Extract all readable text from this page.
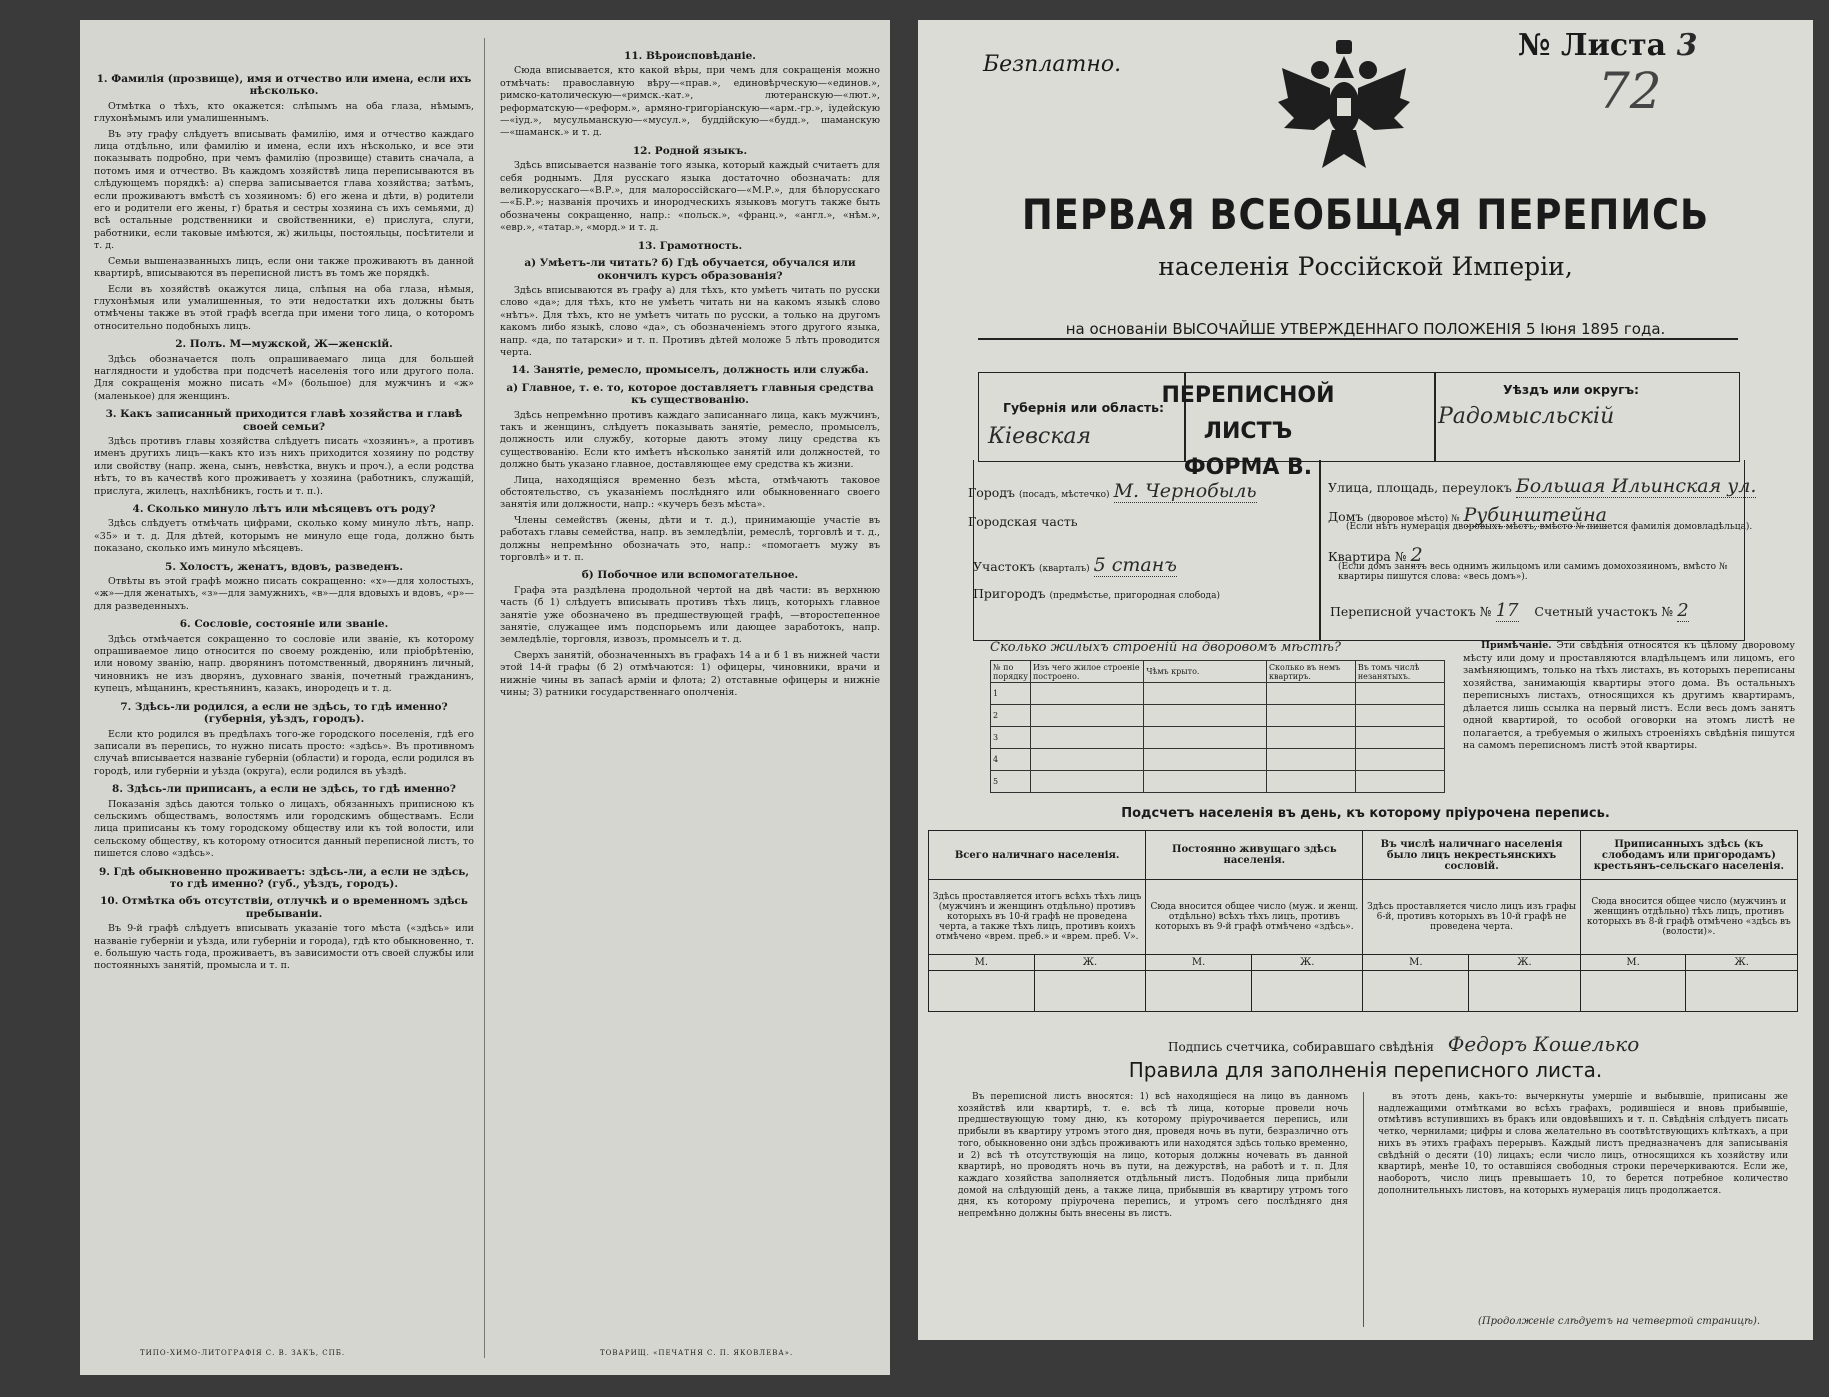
1. Фамилія (прозвище), имя и отчество или имена, если ихъ нѣсколько.

Отмѣтка о тѣхъ, кто окажется: слѣпымъ на оба глаза, нѣмымъ, глухонѣмымъ или умалишеннымъ.

Въ эту графу слѣдуетъ вписывать фамилію, имя и отчество каждаго лица отдѣльно, или фамилію и имена, если ихъ нѣсколько, и все эти показывать подробно, при чемъ фамилію (прозвище) ставить сначала, а потомъ имя и отчество. Въ каждомъ хозяйствѣ лица переписываются въ слѣдующемъ порядкѣ: а) сперва записывается глава хозяйства; затѣмъ, если проживаютъ вмѣстѣ съ хозяиномъ: б) его жена и дѣти, в) родители его и родители его жены, г) братья и сестры хозяина съ ихъ семьями, д) всѣ остальные родственники и свойственники, е) прислуга, слуги, работники, если таковые имѣются, ж) жильцы, постояльцы, посѣтители и т. д.

Семьи вышеназванныхъ лицъ, если они также проживаютъ въ данной квартирѣ, вписываются въ переписной листъ въ томъ же порядкѣ.

Если въ хозяйствѣ окажутся лица, слѣпыя на оба глаза, нѣмыя, глухонѣмыя или умалишенныя, то эти недостатки ихъ должны быть отмѣчены также въ этой графѣ всегда при имени того лица, о которомъ относительно подобныхъ лицъ.

2. Полъ. М—мужской, Ж—женскій.

Здѣсь обозначается полъ опрашиваемаго лица для большей наглядности и удобства при подсчетѣ населенія того или другого пола. Для сокращенія можно писать «М» (большое) для мужчинъ и «ж» (маленькое) для женщинъ.

3. Какъ записанный приходится главѣ хозяйства и главѣ своей семьи?

Здѣсь противъ главы хозяйства слѣдуетъ писать «хозяинъ», а противъ именъ другихъ лицъ—какъ кто изъ нихъ приходится хозяину по родству или свойству (напр. жена, сынъ, невѣстка, внукъ и проч.), а если родства нѣтъ, то въ качествѣ кого проживаетъ у хозяина (работникъ, служащій, прислуга, жилецъ, нахлѣбникъ, гость и т. п.).

4. Сколько минуло лѣтъ или мѣсяцевъ отъ роду?

Здѣсь слѣдуетъ отмѣчать цифрами, сколько кому минуло лѣтъ, напр. «35» и т. д. Для дѣтей, которымъ не минуло еще года, должно быть показано, сколько имъ минуло мѣсяцевъ.

5. Холостъ, женатъ, вдовъ, разведенъ.

Отвѣты въ этой графѣ можно писать сокращенно: «х»—для холостыхъ, «ж»—для женатыхъ, «з»—для замужнихъ, «в»—для вдовыхъ и вдовъ, «р»—для разведенныхъ.

6. Сословіе, состояніе или званіе.

Здѣсь отмѣчается сокращенно то сословіе или званіе, къ которому опрашиваемое лицо относится по своему рожденію, или пріобрѣтенію, или новому званію, напр. дворянинъ потомственный, дворянинъ личный, чиновникъ не изъ дворянъ, духовнаго званія, почетный гражданинъ, купецъ, мѣщанинъ, крестьянинъ, казакъ, инородецъ и т. д.

7. Здѣсь-ли родился, а если не здѣсь, то гдѣ именно? (губернія, уѣздъ, городъ).

Если кто родился въ предѣлахъ того-же городского поселенія, гдѣ его записали въ перепись, то нужно писать просто: «здѣсь». Въ противномъ случаѣ вписывается названіе губерніи (области) и города, если родился въ городѣ, или губерніи и уѣзда (округа), если родился въ уѣздѣ.

8. Здѣсь-ли приписанъ, а если не здѣсь, то гдѣ именно?

Показанія здѣсь даются только о лицахъ, обязанныхъ приписною къ сельскимъ обществамъ, волостямъ или городскимъ обществамъ. Если лица приписаны къ тому городскому обществу или къ той волости, или сельскому обществу, къ которому относится данный переписной листъ, то пишется слово «здѣсь».

9. Гдѣ обыкновенно проживаетъ: здѣсь-ли, а если не здѣсь, то гдѣ именно? (губ., уѣздъ, городъ).
10. Отмѣтка объ отсутствіи, отлучкѣ и о временномъ здѣсь пребываніи.

Въ 9-й графѣ слѣдуетъ вписывать указаніе того мѣста («здѣсь» или названіе губерніи и уѣзда, или губерніи и города), гдѣ кто обыкновенно, т. е. большую часть года, проживаетъ, въ зависимости отъ своей службы или постоянныхъ занятій, промысла и т. п.

11. Вѣроисповѣданіе.

Сюда вписывается, кто какой вѣры, при чемъ для сокращенія можно отмѣчать: православную вѣру—«прав.», единовѣрческую—«единов.», римско-католическую—«римск.-кат.», лютеранскую—«лют.», реформатскую—«реформ.», армяно-григоріанскую—«арм.-гр.», іудейскую—«іуд.», мусульманскую—«мусул.», буддійскую—«будд.», шаманскую—«шаманск.» и т. д.

12. Родной языкъ.

Здѣсь вписывается названіе того языка, который каждый считаетъ для себя роднымъ. Для русскаго языка достаточно обозначать: для великорусскаго—«В.Р.», для малороссійскаго—«М.Р.», для бѣлорусскаго—«Б.Р.»; названія прочихъ и инородческихъ языковъ могутъ также быть обозначены сокращенно, напр.: «польск.», «франц.», «англ.», «нѣм.», «евр.», «татар.», «морд.» и т. д.

13. Грамотность.
а) Умѣетъ-ли читать? б) Гдѣ обучается, обучался или окончилъ курсъ образованія?

Здѣсь вписываются въ графу а) для тѣхъ, кто умѣетъ читать по русски слово «да»; для тѣхъ, кто не умѣетъ читать ни на какомъ языкѣ слово «нѣтъ». Для тѣхъ, кто не умѣетъ читать по русски, а только на другомъ какомъ либо языкѣ, слово «да», съ обозначеніемъ этого другого языка, напр. «да, по татарски» и т. п. Противъ дѣтей моложе 5 лѣтъ проводится черта.

14. Занятіе, ремесло, промыселъ, должность или служба.
а) Главное, т. е. то, которое доставляетъ главныя средства къ существованію.

Здѣсь непремѣнно противъ каждаго записаннаго лица, какъ мужчинъ, такъ и женщинъ, слѣдуетъ показывать занятіе, ремесло, промыселъ, должность или службу, которые даютъ этому лицу средства къ существованію. Если кто имѣетъ нѣсколько занятій или должностей, то должно быть указано главное, доставляющее ему средства къ жизни.

Лица, находящіяся временно безъ мѣста, отмѣчаютъ таковое обстоятельство, съ указаніемъ послѣдняго или обыкновеннаго своего занятія или должности, напр.: «кучеръ безъ мѣста».

Члены семействъ (жены, дѣти и т. д.), принимающіе участіе въ работахъ главы семейства, напр. въ земледѣліи, ремеслѣ, торговлѣ и т. д., должны непремѣнно обозначать это, напр.: «помогаетъ мужу въ торговлѣ» и т. п.

б) Побочное или вспомогательное.

Графа эта раздѣлена продольной чертой на двѣ части: въ верхнюю часть (б 1) слѣдуетъ вписывать противъ тѣхъ лицъ, которыхъ главное занятіе уже обозначено въ предшествующей графѣ, —второстепенное занятіе, служащее имъ подспорьемъ или дающее заработокъ, напр. земледѣліе, торговля, извозъ, промыселъ и т. д.

Сверхъ занятій, обозначенныхъ въ графахъ 14 а и б 1 въ нижней части этой 14-й графы (б 2) отмѣчаются: 1) офицеры, чиновники, врачи и нижніе чины въ запасѣ арміи и флота; 2) отставные офицеры и нижніе чины; 3) ратники государственнаго ополченія.

ТИПО-ХИМО-ЛИТОГРАФІЯ С. В. ЗАКЪ, СПБ.	ТОВАРИЩ. «ПЕЧАТНЯ С. П. ЯКОВЛЕВА».
Безплатно.
№ Листа 3
72
ПЕРВАЯ ВСЕОБЩАЯ ПЕРЕПИСЬ
населенія Россійской Имперіи,
на основаніи ВЫСОЧАЙШЕ УТВЕРЖДЕННАГО ПОЛОЖЕНІЯ 5 Іюня 1895 года.
Губернія или область:
Кіевская
ПЕРЕПИСНОЙ ЛИСТЪ
ФОРМА В.
Уѣздъ или округъ:
Радомысльскій
Городъ (посадъ, мѣстечко) М. Чернобыль	Улица, площадь, переулокъ Большая Ильинская ул.
Городская часть	Домъ (дворовое мѣсто) № Рубинштейна
(Если нѣтъ нумерація дворовыхъ мѣстъ, вмѣсто № пишется фамилія домовладѣльца).
Участокъ (кварталъ) 5 станъ	Квартира № 2
(Если домъ занятъ весь однимъ жильцомъ или самимъ домохозяиномъ, вмѣсто № квартиры пишутся слова: «весь домъ»).
Пригородъ (предмѣстье, пригородная слобода)
Переписной участокъ № 17 Счетный участокъ № 2
Сколько жилыхъ строеній на дворовомъ мѣстѣ?
№ по порядку	Изъ чего жилое строеніе построено.	Чѣмъ крыто.	Сколько въ немъ квартиръ.	Въ томъ числѣ незанятыхъ.
1				
2				
3				
4				
5				

Примѣчаніе. Эти свѣдѣнія относятся къ цѣлому дворовому мѣсту или дому и проставляются владѣльцемъ или лицомъ, его замѣняющимъ, только на тѣхъ листахъ, въ которыхъ переписаны хозяйства, занимающія квартиры этого дома. Въ остальныхъ переписныхъ листахъ, относящихся къ другимъ квартирамъ, дѣлается лишь ссылка на первый листъ. Если весь домъ занятъ одной квартирой, то особой оговорки на этомъ листѣ не полагается, а требуемыя о жилыхъ строеніяхъ свѣдѣнія пишутся на самомъ переписномъ листѣ этой квартиры.

Подсчетъ населенія въ день, къ которому пріурочена перепись.
Всего наличнаго населенія.		Постоянно живущаго здѣсь населенія.		Въ числѣ наличнаго населенія было лицъ некрестьянскихъ сословій.		Приписанныхъ здѣсь (къ слободамъ или пригородамъ) крестьянъ-сельскаго населенія.	
Здѣсь проставляется итогъ всѣхъ тѣхъ лицъ (мужчинъ и женщинъ отдѣльно) противъ которыхъ въ 10-й графѣ не проведена черта, а также тѣхъ лицъ, противъ коихъ отмѣчено «врем. преб.» и «врем. преб. V».		Сюда вносится общее число (муж. и женщ. отдѣльно) всѣхъ тѣхъ лицъ, противъ которыхъ въ 9-й графѣ отмѣчено «здѣсь».		Здѣсь проставляется число лицъ изъ графы 6-й, противъ которыхъ въ 10-й графѣ не проведена черта.		Сюда вносится общее число (мужчинъ и женщинъ отдѣльно) тѣхъ лицъ, противъ которыхъ въ 8-й графѣ отмѣчено «здѣсь въ (волости)».	
М.	Ж.	М.	Ж.	М.	Ж.	М.	Ж.

Подпись счетчика, собиравшаго свѣдѣнія Федоръ Кошелько
Правила для заполненія переписного листа.

Въ переписной листъ вносятся: 1) всѣ находящіеся на лицо въ данномъ хозяйствѣ или квартирѣ, т. е. всѣ тѣ лица, которые провели ночь предшествующую тому дню, къ которому пріурочивается перепись, или прибыли въ квартиру утромъ этого дня, проведя ночь въ пути, безразлично отъ того, обыкновенно они здѣсь проживаютъ или находятся здѣсь только временно, и 2) всѣ тѣ отсутствующія на лицо, которыя должны ночевать въ данной квартирѣ, но проводятъ ночь въ пути, на дежурствѣ, на работѣ и т. п. Для каждаго хозяйства заполняется отдѣльный листъ. Подобныя лица прибыли домой на слѣдующій день, а также лица, прибывшія въ квартиру утромъ того дня, къ которому пріурочена перепись, и утромъ сего послѣдняго дня непремѣнно должны быть внесены въ листъ.

въ этотъ день, какъ-то: вычеркнуты умершіе и выбывшіе, приписаны же надлежащими отмѣтками во всѣхъ графахъ, родившіеся и вновь прибывшіе, отмѣтивъ вступившихъ въ бракъ или овдовѣвшихъ и т. п. Свѣдѣнія слѣдуетъ писать четко, чернилами; цифры и слова желательно въ соотвѣтствующихъ клѣткахъ, а при нихъ въ этихъ графахъ перерывъ. Каждый листъ предназначенъ для записыванія свѣдѣній о десяти (10) лицахъ; если число лицъ, относящихся къ хозяйству или квартирѣ, менѣе 10, то оставшіяся свободныя строки перечеркиваются. Если же, наоборотъ, число лицъ превышаетъ 10, то берется потребное количество дополнительныхъ листовъ, на которыхъ нумерація лицъ продолжается.

(Продолженіе слѣдуетъ на четвертой страницѣ).
